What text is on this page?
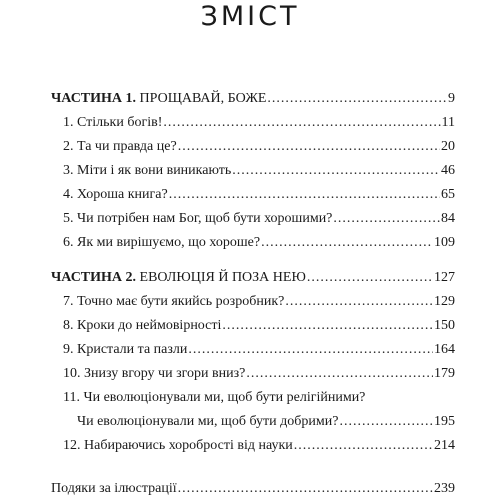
ЗМІСТ
ЧАСТИНА 1. ПРОЩАВАЙ, БОЖЕ .....	9
1. Стільки богів! .....	11
2. Та чи правда це? .....	20
3. Міти і як вони виникають .....	46
4. Хороша книга? .....	65
5. Чи потрібен нам Бог, щоб бути хорошими? .....	84
6. Як ми вирішуємо, що хороше? .....	109
ЧАСТИНА 2. ЕВОЛЮЦІЯ Й ПОЗА НЕЮ .....	127
7. Точно має бути якийсь розробник? .....	129
8. Кроки до неймовірності .....	150
9. Кристали та пазли .....	164
10. Знизу вгору чи згори вниз? .....	179
11. Чи еволюціонували ми, щоб бути релігійними?
Чи еволюціонували ми, щоб бути добрими? .....	195
12. Набираючись хоробрості від науки .....	214
Подяки за ілюстрації .....	239
